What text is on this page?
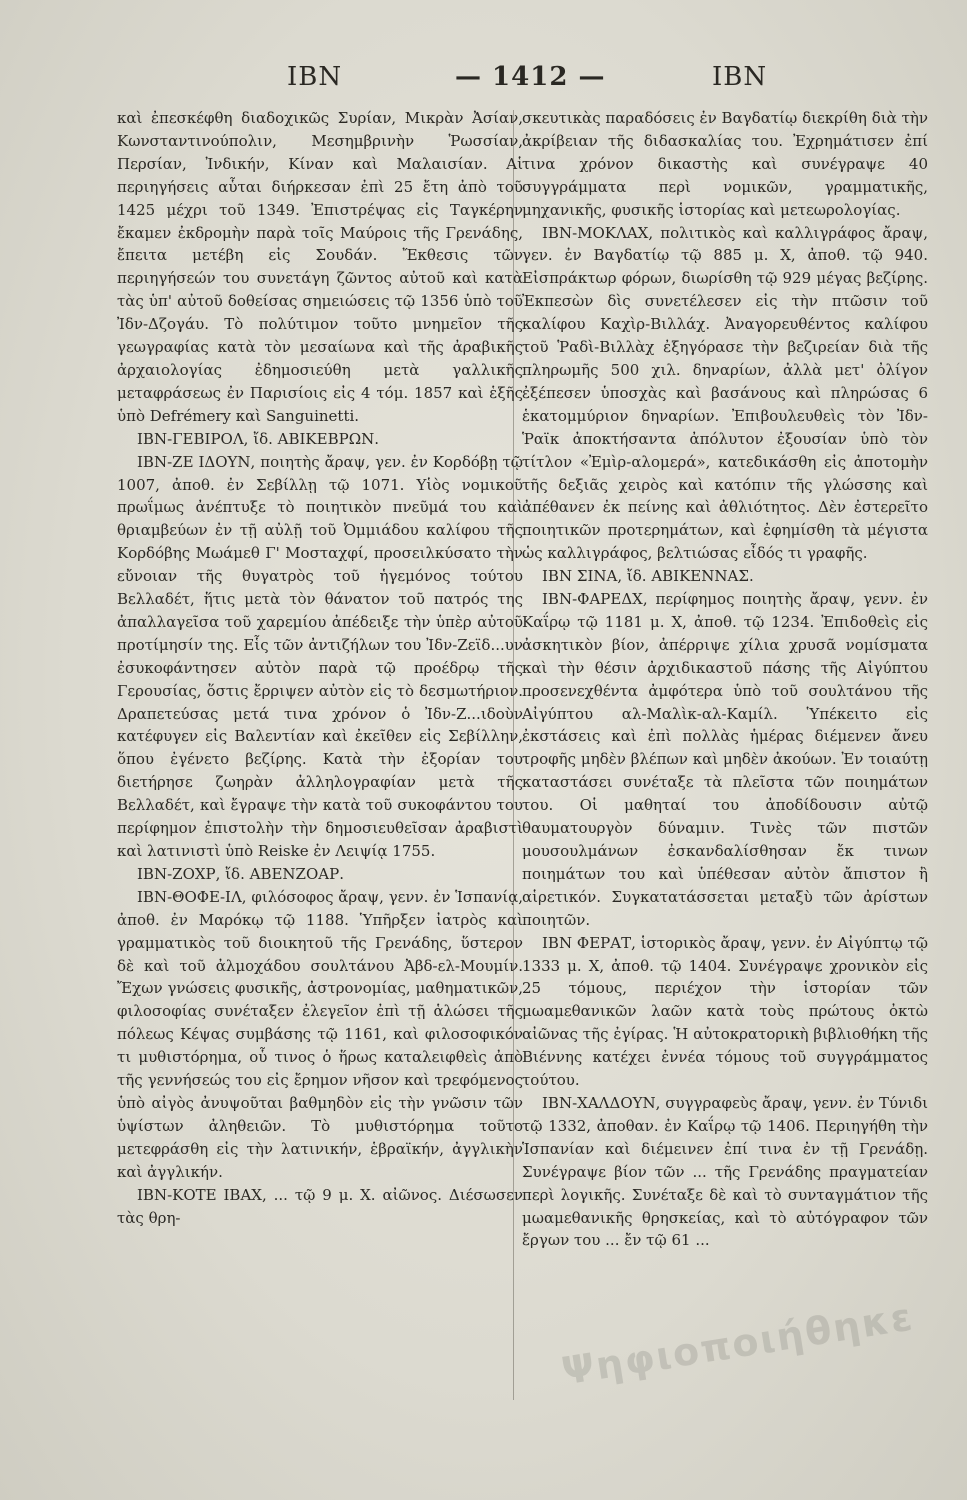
IBN	— 1412 —	IBN

καὶ ἐπεσκέφθη διαδοχικῶς Συρίαν, Μικρὰν Ἀσίαν, Κωνσταντινούπολιν, Μεσημβρινὴν Ῥωσσίαν, Περσίαν, Ἰνδικήν, Κίναν καὶ Μαλαισίαν. Αἱ περιηγήσεις αὗται διήρκεσαν ἐπὶ 25 ἔτη ἀπὸ τοῦ 1425 μέχρι τοῦ 1349. Ἐπιστρέψας εἰς Ταγκέρην ἔκαμεν ἐκδρομὴν παρὰ τοῖς Μαύροις τῆς Γρενάδης, ἔπειτα μετέβη εἰς Σουδάν. Ἔκθεσις τῶν περιηγήσεών του συνετάγη ζῶντος αὐτοῦ καὶ κατὰ τὰς ὑπ' αὐτοῦ δοθείσας σημειώσεις τῷ 1356 ὑπὸ τοῦ Ἰδν-Δζογάυ. Τὸ πολύτιμον τοῦτο μνημεῖον τῆς γεωγραφίας κατὰ τὸν μεσαίωνα καὶ τῆς ἀραβικῆς ἀρχαιολογίας ἐδημοσιεύθη μετὰ γαλλικῆς μεταφράσεως ἐν Παρισίοις εἰς 4 τόμ. 1857 καὶ ἑξῆς ὑπὸ Defrémery καὶ Sanguinetti.

IBN-ΓΕΒΙΡΟΛ, ἴδ. ΑΒΙΚΕΒΡΩΝ.

IBN-ΖΕ ΙΔΟΥΝ, ποιητὴς ἄραψ, γεν. ἐν Κορδόβῃ τῷ 1007, ἀποθ. ἐν Σεβίλλῃ τῷ 1071. Υἱὸς νομικοῦ πρωΐμως ἀνέπτυξε τὸ ποιητικὸν πνεῦμά του καὶ θριαμβεύων ἐν τῇ αὐλῇ τοῦ Ὀμμιάδου καλίφου τῆς Κορδόβης Μωάμεθ Γ' Μοσταχφί, προσειλκύσατο τὴν εὔνοιαν τῆς θυγατρὸς τοῦ ἡγεμόνος τούτου Βελλαδέτ, ἥτις μετὰ τὸν θάνατον τοῦ πατρός της ἀπαλλαγεῖσα τοῦ χαρεμίου ἀπέδειξε τὴν ὑπὲρ αὐτοῦ προτίμησίν της. Εἷς τῶν ἀντιζήλων του Ἰδν-Ζεϊδ...υν ἐσυκοφάντησεν αὐτὸν παρὰ τῷ προέδρῳ τῆς Γερουσίας, ὅστις ἔρριψεν αὐτὸν εἰς τὸ δεσμωτήριον. Δραπετεύσας μετά τινα χρόνον ὁ Ἰδν-Ζ...ιδοὺν κατέφυγεν εἰς Βαλεντίαν καὶ ἐκεῖθεν εἰς Σεβίλλην, ὅπου ἐγένετο βεζίρης. Κατὰ τὴν ἐξορίαν του διετήρησε ζωηρὰν ἀλληλογραφίαν μετὰ τῆς Βελλαδέτ, καὶ ἔγραψε τὴν κατὰ τοῦ συκοφάντου του περίφημον ἐπιστολὴν τὴν δημοσιευθεῖσαν ἀραβιστὶ καὶ λατινιστὶ ὑπὸ Reiske ἐν Λειψίᾳ 1755.

IBN-ΖΟΧΡ, ἴδ. ΑΒΕΝΖΟΑΡ.

IBN-ΘΟΦΕ-ΙΛ, φιλόσοφος ἄραψ, γενν. ἐν Ἱσπανίᾳ, ἀποθ. ἐν Μαρόκῳ τῷ 1188. Ὑπῆρξεν ἰατρὸς καὶ γραμματικὸς τοῦ διοικητοῦ τῆς Γρενάδης, ὕστερον δὲ καὶ τοῦ ἀλμοχάδου σουλτάνου Ἀβδ-ελ-Μουμίν. Ἔχων γνώσεις φυσικῆς, ἀστρονομίας, μαθηματικῶν, φιλοσοφίας συνέταξεν ἐλεγεῖον ἐπὶ τῇ ἁλώσει τῆς πόλεως Κέψας συμβάσης τῷ 1161, καὶ φιλοσοφικόν τι μυθιστόρημα, οὗ τινος ὁ ἥρως καταλειφθεὶς ἀπὸ τῆς γεννήσεώς του εἰς ἔρημον νῆσον καὶ τρεφόμενος ὑπὸ αἰγὸς ἀνυψοῦται βαθμηδὸν εἰς τὴν γνῶσιν τῶν ὑψίστων ἀληθειῶν. Τὸ μυθιστόρημα τοῦτο μετεφράσθη εἰς τὴν λατινικήν, ἑβραϊκήν, ἀγγλικὴν καὶ ἀγγλικήν.

IBN-ΚΟΤΕ ΙΒΑΧ, ... τῷ 9 μ. Χ. αἰῶνος. Διέσωσεν τὰς θρη-

σκευτικὰς παραδόσεις ἐν Βαγδατίῳ διεκρίθη διὰ τὴν ἀκρίβειαν τῆς διδασκαλίας του. Ἐχρημάτισεν ἐπί τινα χρόνον δικαστὴς καὶ συνέγραψε 40 συγγράμματα περὶ νομικῶν, γραμματικῆς, μηχανικῆς, φυσικῆς ἱστορίας καὶ μετεωρολογίας.

IBN-ΜΟΚΛΑΧ, πολιτικὸς καὶ καλλιγράφος ἄραψ, γεν. ἐν Βαγδατίῳ τῷ 885 μ. Χ, ἀποθ. τῷ 940. Εἰσπράκτωρ φόρων, διωρίσθη τῷ 929 μέγας βεζίρης. Ἐκπεσὼν δὶς συνετέλεσεν εἰς τὴν πτῶσιν τοῦ καλίφου Καχὶρ-Βιλλάχ. Ἀναγορευθέντος καλίφου τοῦ Ῥαδὶ-Βιλλὰχ ἐξηγόρασε τὴν βεζιρείαν διὰ τῆς πληρωμῆς 500 χιλ. δηναρίων, ἀλλὰ μετ' ὀλίγον ἐξέπεσεν ὑποσχὰς καὶ βασάνους καὶ πληρώσας 6 ἑκατομμύριον δηναρίων. Ἐπιβουλευθεὶς τὸν Ἰδν-Ῥαϊκ ἀποκτήσαντα ἀπόλυτον ἐξουσίαν ὑπὸ τὸν τίτλον «Ἐμὶρ-αλομερά», κατεδικάσθη εἰς ἀποτομὴν τῆς δεξιᾶς χειρὸς καὶ κατόπιν τῆς γλώσσης καὶ ἀπέθανεν ἐκ πείνης καὶ ἀθλιότητος. Δὲν ἐστερεῖτο ποιητικῶν προτερημάτων, καὶ ἐφημίσθη τὰ μέγιστα ὡς καλλιγράφος, βελτιώσας εἶδός τι γραφῆς.

IBN ΣΙΝΑ, ἴδ. ΑΒΙΚΕΝΝΑΣ.

IBN-ΦΑΡΕΔΧ, περίφημος ποιητὴς ἄραψ, γενν. ἐν Καΐρῳ τῷ 1181 μ. Χ, ἀποθ. τῷ 1234. Ἐπιδοθεὶς εἰς ἀσκητικὸν βίον, ἀπέρριψε χίλια χρυσᾶ νομίσματα καὶ τὴν θέσιν ἀρχιδικαστοῦ πάσης τῆς Αἰγύπτου προσενεχθέντα ἀμφότερα ὑπὸ τοῦ σουλτάνου τῆς Αἰγύπτου αλ-Μαλὶκ-αλ-Καμίλ. Ὑπέκειτο εἰς ἐκστάσεις καὶ ἐπὶ πολλὰς ἡμέρας διέμενεν ἄνευ τροφῆς μηδὲν βλέπων καὶ μηδὲν ἀκούων. Ἐν τοιαύτῃ καταστάσει συνέταξε τὰ πλεῖστα τῶν ποιημάτων του. Οἱ μαθηταί του ἀποδίδουσιν αὐτῷ θαυματουργὸν δύναμιν. Τινὲς τῶν πιστῶν μουσουλμάνων ἐσκανδαλίσθησαν ἔκ τινων ποιημάτων του καὶ ὑπέθεσαν αὐτὸν ἄπιστον ἢ αἱρετικόν. Συγκατατάσσεται μεταξὺ τῶν ἀρίστων ποιητῶν.

IBN ΦΕΡΑΤ, ἱστορικὸς ἄραψ, γενν. ἐν Αἰγύπτῳ τῷ 1333 μ. Χ, ἀποθ. τῷ 1404. Συνέγραψε χρονικὸν εἰς 25 τόμους, περιέχον τὴν ἱστορίαν τῶν μωαμεθανικῶν λαῶν κατὰ τοὺς πρώτους ὀκτὼ αἰῶνας τῆς ἐγίρας. Ἡ αὐτοκρατορικὴ βιβλιοθήκη τῆς Βιέννης κατέχει ἐννέα τόμους τοῦ συγγράμματος τούτου.

IBN-ΧΑΛΔΟΥΝ, συγγραφεὺς ἄραψ, γενν. ἐν Τύνιδι τῷ 1332, ἀποθαν. ἐν Καΐρῳ τῷ 1406. Περιηγήθη τὴν Ἱσπανίαν καὶ διέμεινεν ἐπί τινα ἐν τῇ Γρενάδῃ. Συνέγραψε βίον τῶν ... τῆς Γρενάδης πραγματείαν περὶ λογικῆς. Συνέταξε δὲ καὶ τὸ συνταγμάτιον τῆς μωαμεθανικῆς θρησκείας, καὶ τὸ αὐτόγραφον τῶν ἔργων του ... ἔν τῷ 61 ...

Ψηφιοποιήθηκε
